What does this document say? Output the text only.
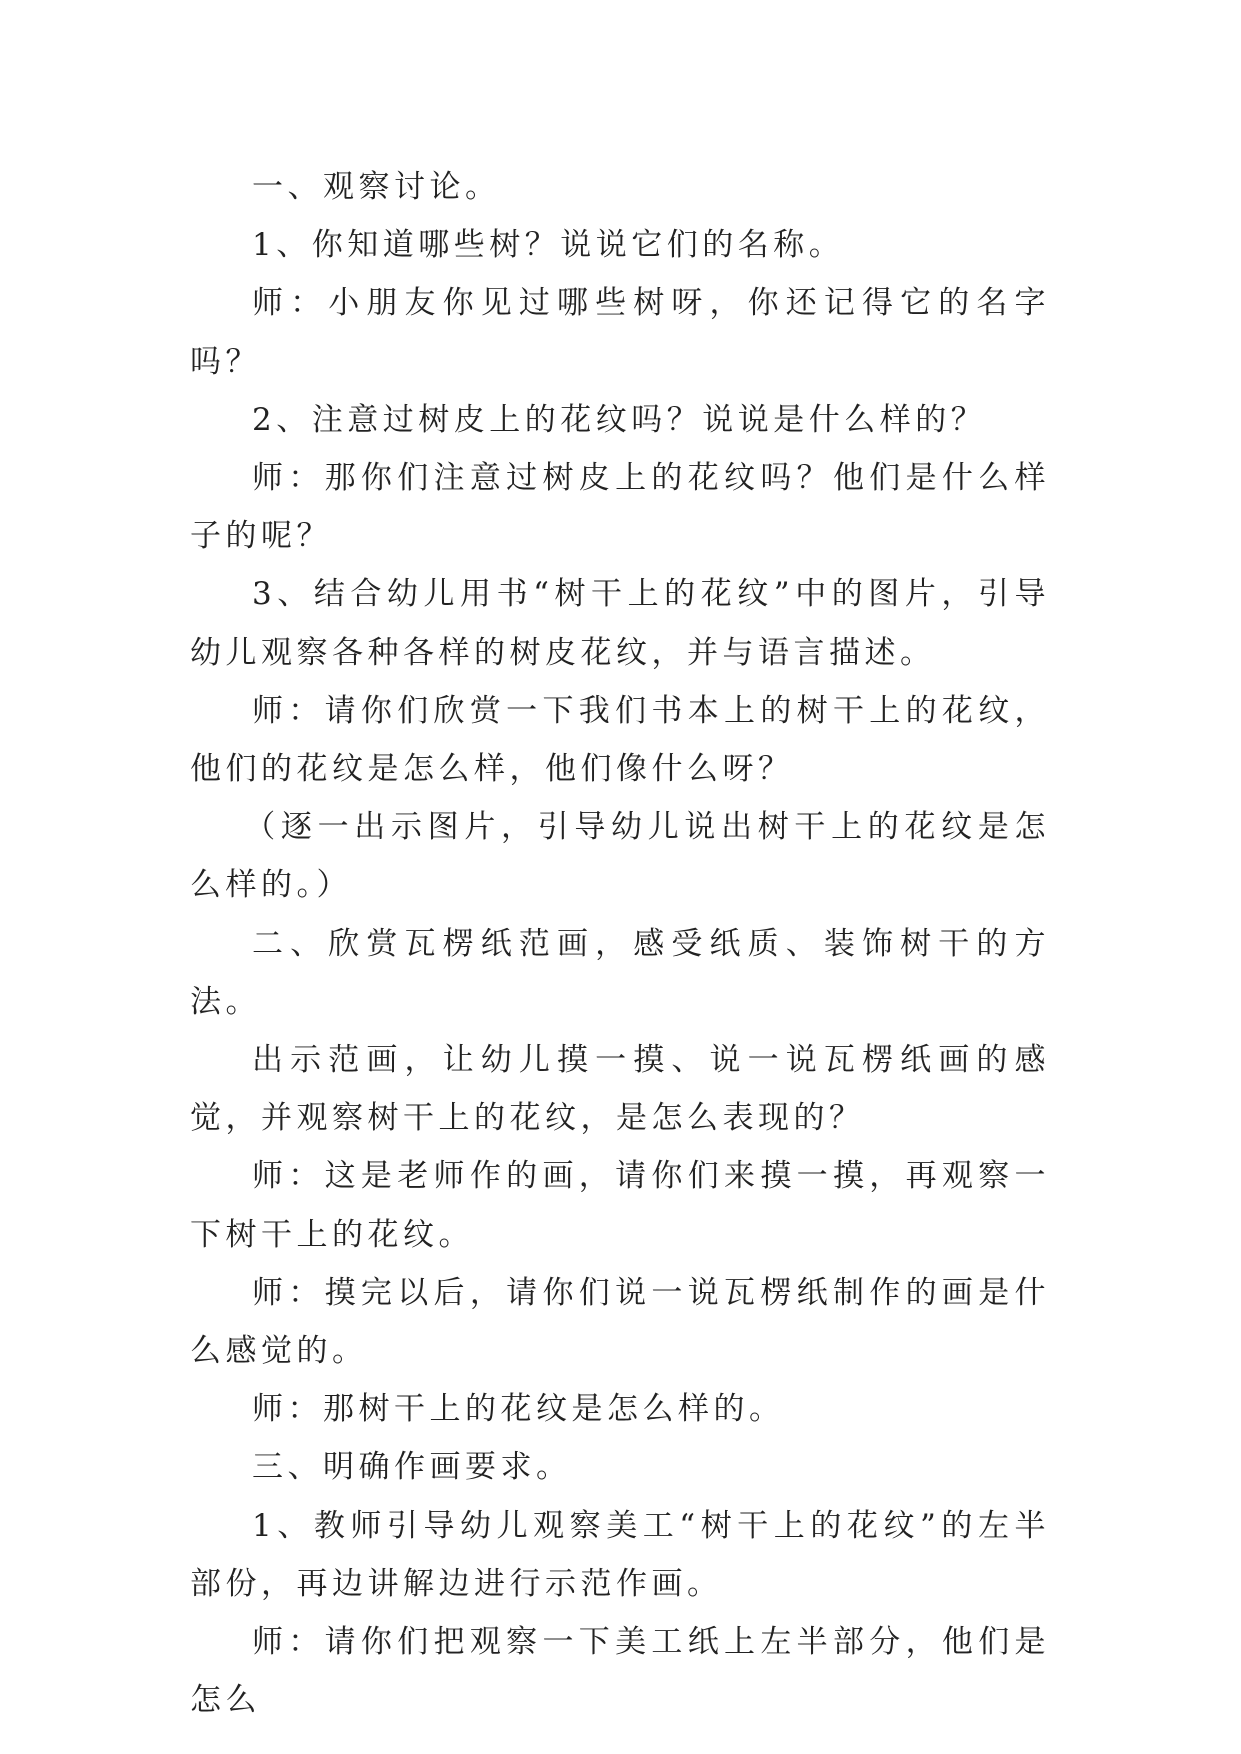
一、观察讨论。

1、你知道哪些树？说说它们的名称。

师：小朋友你见过哪些树呀，你还记得它的名字吗？

2、注意过树皮上的花纹吗？说说是什么样的？

师：那你们注意过树皮上的花纹吗？他们是什么样子的呢？

3、结合幼儿用书“树干上的花纹”中的图片，引导幼儿观察各种各样的树皮花纹，并与语言描述。

师：请你们欣赏一下我们书本上的树干上的花纹，他们的花纹是怎么样，他们像什么呀？

（逐一出示图片，引导幼儿说出树干上的花纹是怎么样的。）

二、欣赏瓦楞纸范画，感受纸质、装饰树干的方法。

出示范画，让幼儿摸一摸、说一说瓦楞纸画的感觉，并观察树干上的花纹，是怎么表现的？

师：这是老师作的画，请你们来摸一摸，再观察一下树干上的花纹。

师：摸完以后，请你们说一说瓦楞纸制作的画是什么感觉的。

师：那树干上的花纹是怎么样的。

三、明确作画要求。

1、教师引导幼儿观察美工“树干上的花纹”的左半部份，再边讲解边进行示范作画。

师：请你们把观察一下美工纸上左半部分，他们是怎么
